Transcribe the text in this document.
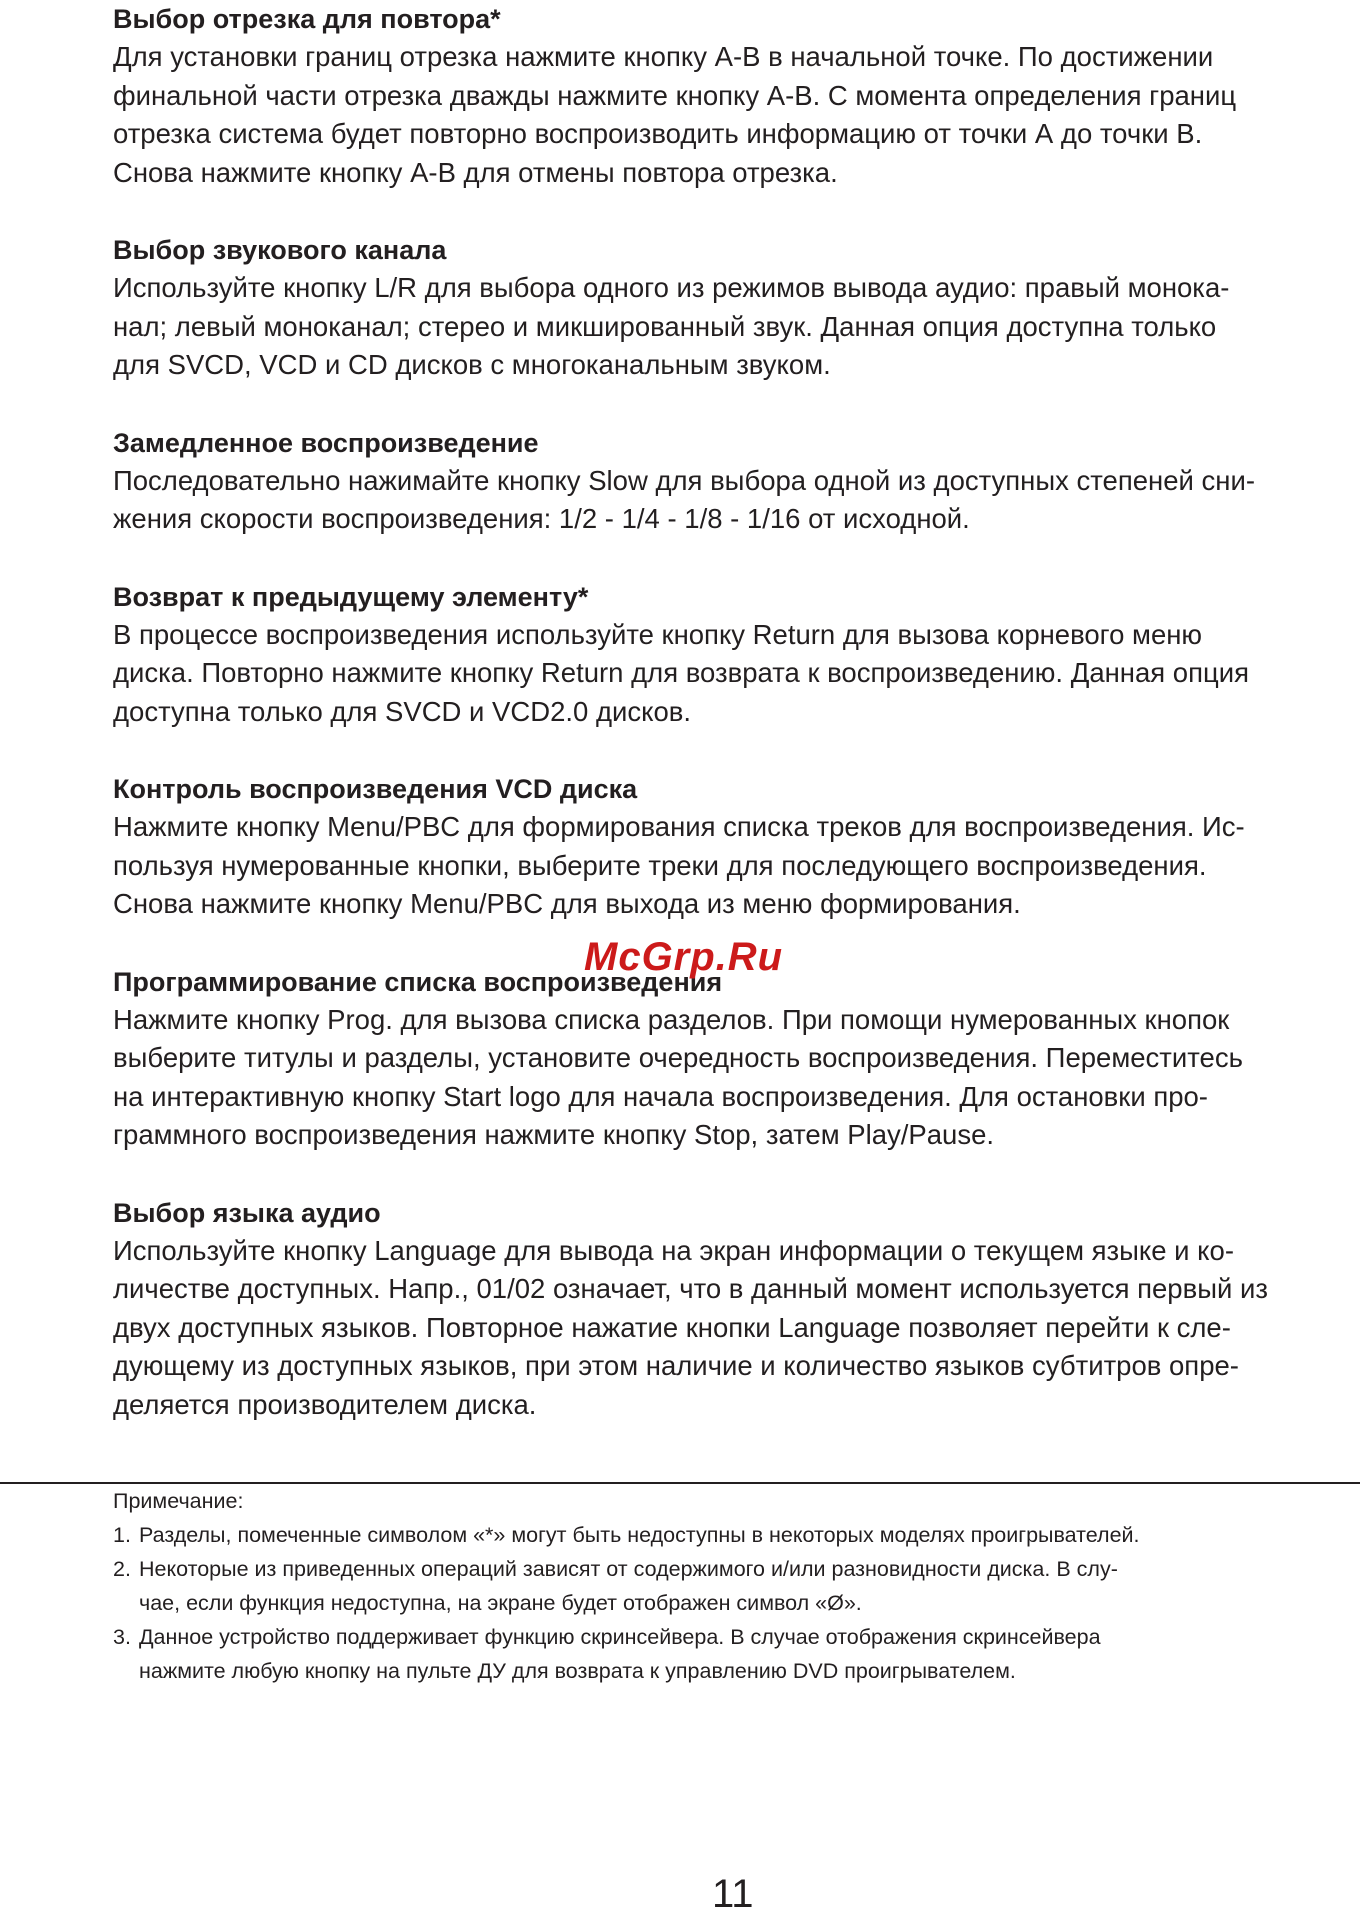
Выбор отрезка для повтора*

Для установки границ отрезка нажмите кнопку А-В в начальной точке. По достижении
финальной части отрезка дважды нажмите кнопку А-В. С момента определения границ
отрезка система будет повторно воспроизводить информацию от точки А до точки В.
Снова нажмите кнопку А-В для отмены повтора отрезка.

Выбор звукового канала

Используйте кнопку L/R для выбора одного из режимов вывода аудио: правый монока-
нал; левый моноканал; стерео и микшированный звук. Данная опция доступна только
для SVCD, VCD и CD дисков с многоканальным звуком.

Замедленное воспроизведение

Последовательно нажимайте кнопку Slow для выбора одной из доступных степеней сни-
жения скорости воспроизведения: 1/2 - 1/4 - 1/8 - 1/16 от исходной.

Возврат к предыдущему элементу*

В процессе воспроизведения используйте кнопку Return для вызова корневого меню
диска. Повторно нажмите кнопку Return для возврата к воспроизведению. Данная опция
доступна только для SVCD и VCD2.0 дисков.

Контроль воспроизведения VCD диска

Нажмите кнопку Menu/PBC для формирования списка треков для воспроизведения. Ис-
пользуя нумерованные кнопки, выберите треки для последующего воспроизведения.
Снова нажмите кнопку Menu/PBC для выхода из меню формирования.

Программирование списка воспроизведения

Нажмите кнопку Prog. для вызова списка разделов. При помощи нумерованных кнопок
выберите титулы и разделы, установите очередность воспроизведения. Переместитесь
на интерактивную кнопку Start logo для начала воспроизведения. Для остановки про-
граммного воспроизведения нажмите кнопку Stop, затем Play/Pause.

Выбор языка аудио

Используйте кнопку Language для вывода на экран информации о текущем языке и ко-
личестве доступных. Напр., 01/02 означает, что в данный момент используется первый из
двух доступных языков. Повторное нажатие кнопки Language позволяет перейти к сле-
дующему из доступных языков, при этом наличие и количество языков субтитров опре-
деляется производителем диска.

Примечание:

1. Разделы, помеченные символом «*» могут быть недоступны в некоторых моделях проигрывателей.
2. Некоторые из приведенных операций зависят от содержимого и/или разновидности диска. В слу-
чае, если функция недоступна, на экране будет отображен символ «Ø».
3. Данное устройство поддерживает функцию скринсейвера. В случае отображения скринсейвера
нажмите любую кнопку на пульте ДУ для возврата к управлению DVD проигрывателем.
McGrp.Ru
11
